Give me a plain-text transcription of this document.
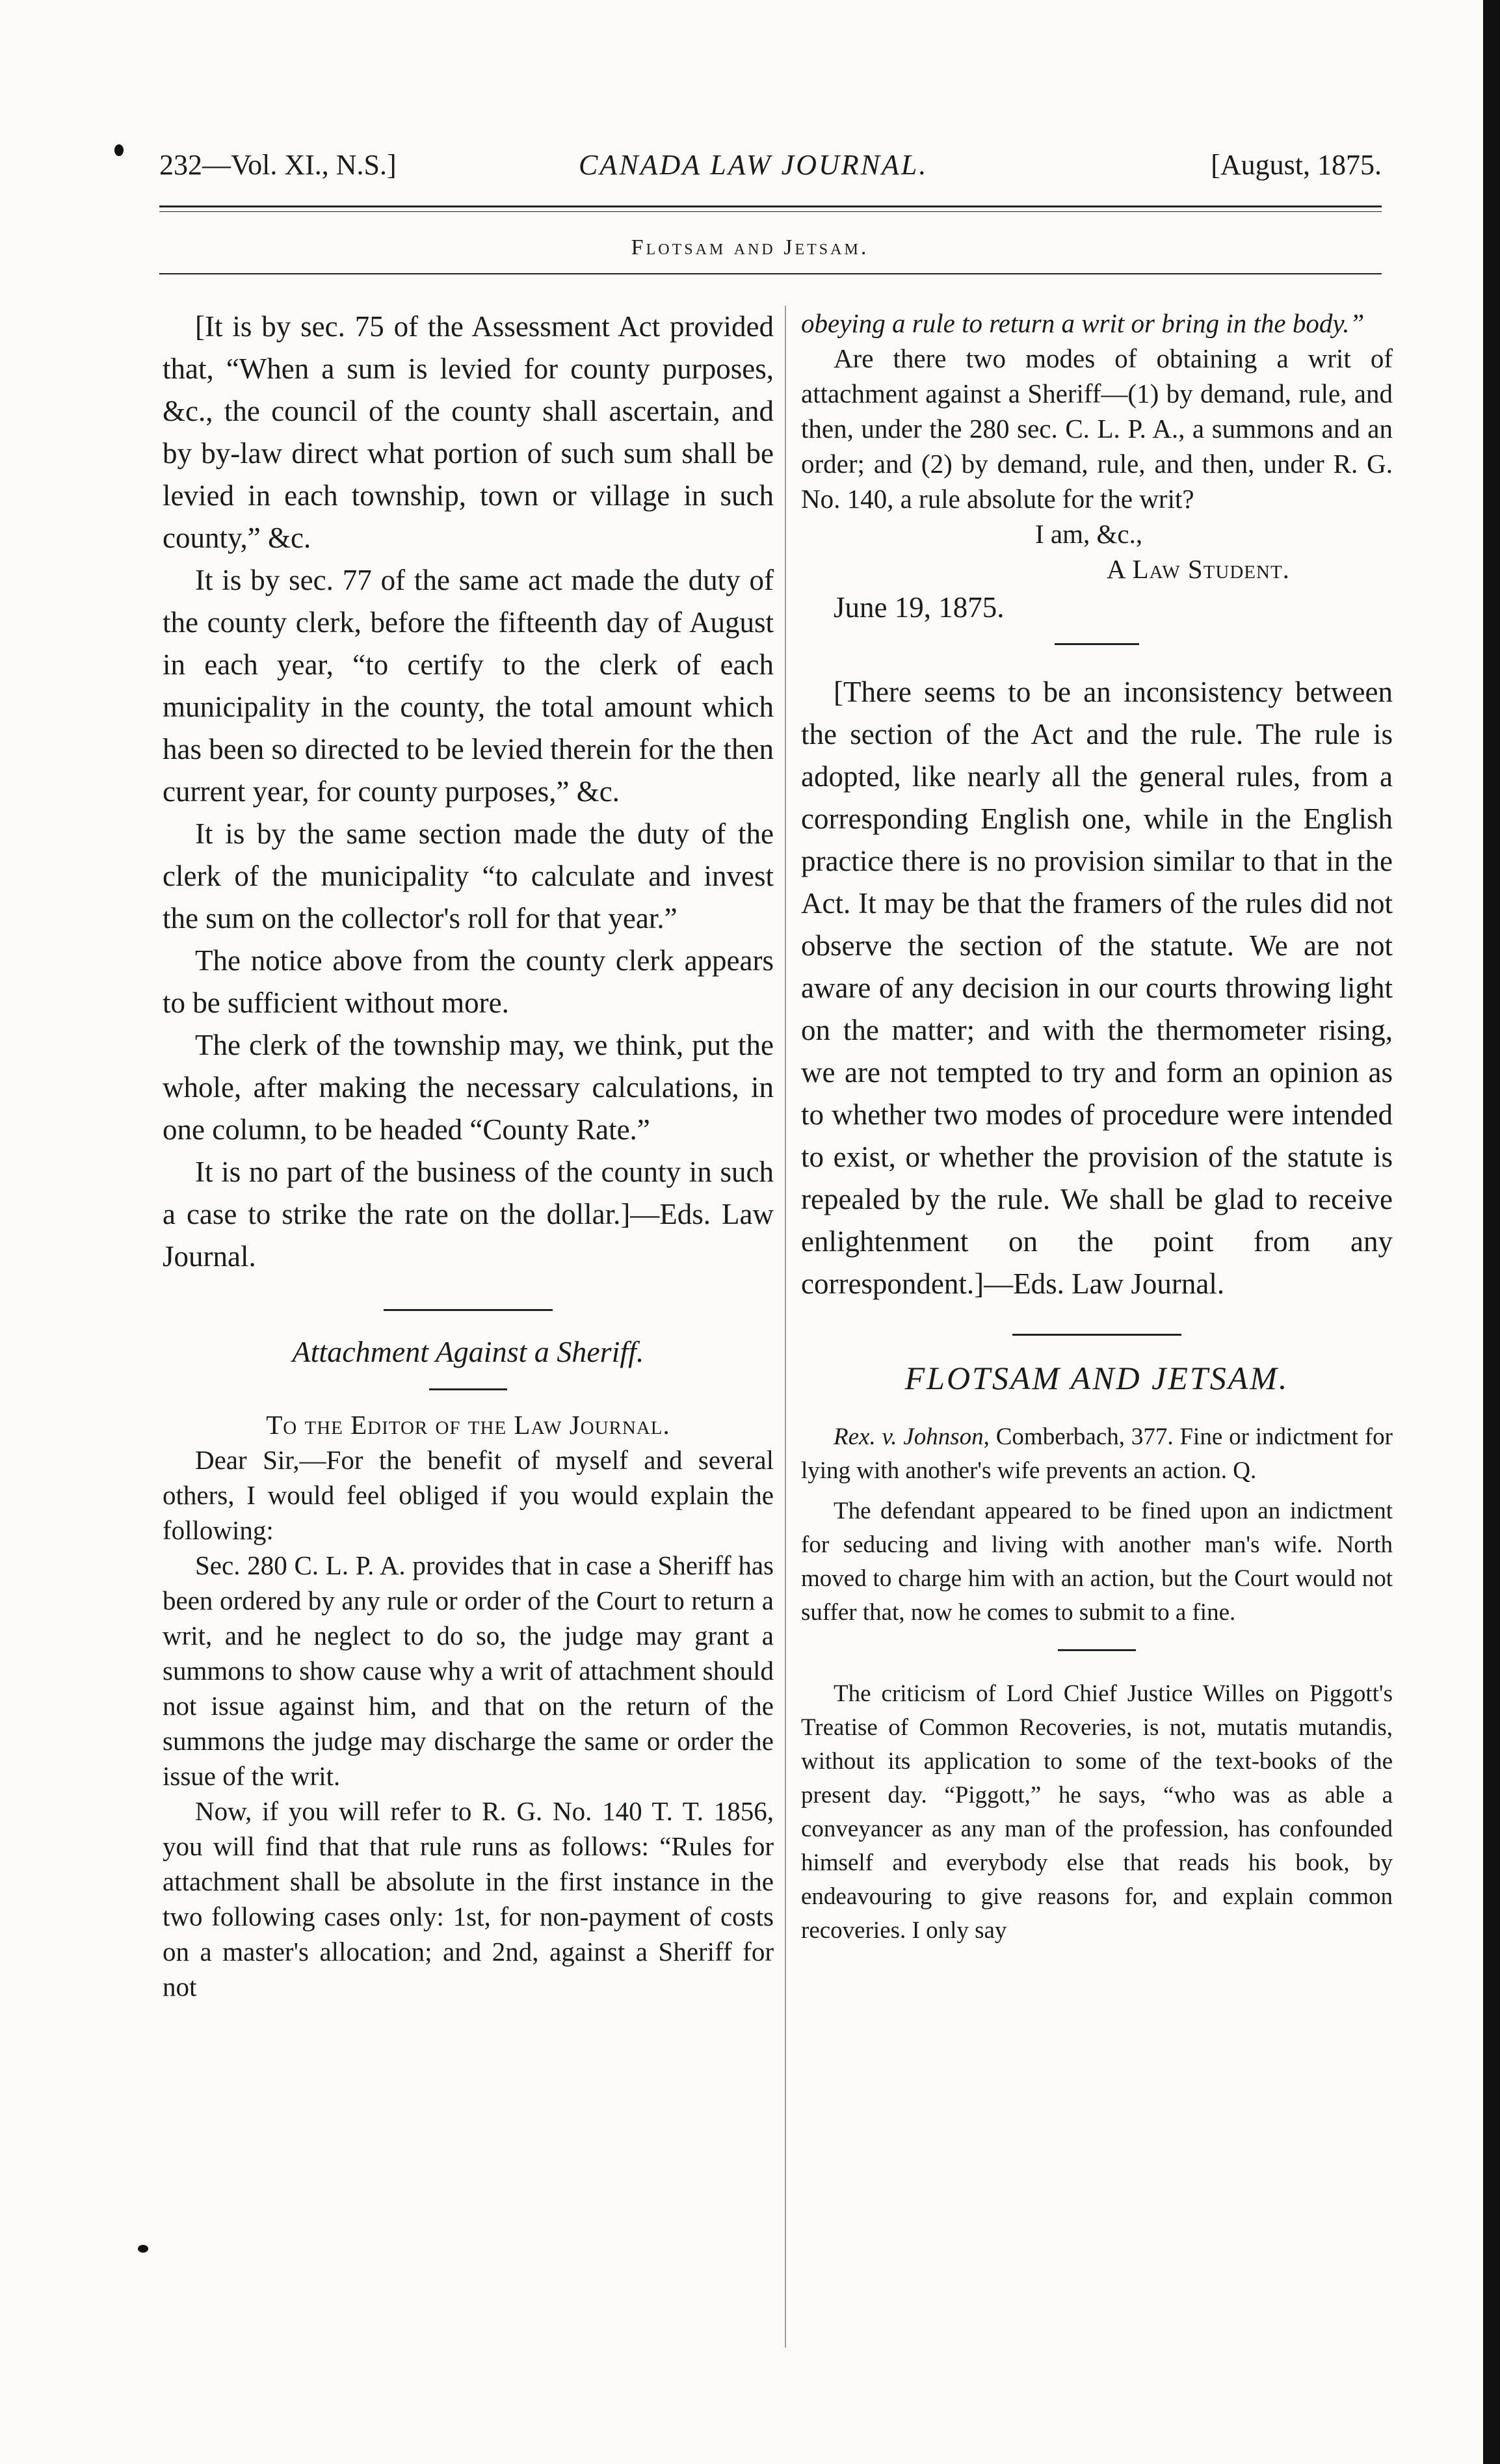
232—Vol. XI., N.S.]	CANADA LAW JOURNAL.	[August, 1875.
Flotsam and Jetsam.

[It is by sec. 75 of the Assessment Act provided that, “When a sum is levied for county purposes, &c., the council of the county shall ascertain, and by by-law direct what portion of such sum shall be levied in each township, town or village in such county,” &c.

It is by sec. 77 of the same act made the duty of the county clerk, before the fifteenth day of August in each year, “to certify to the clerk of each municipality in the county, the total amount which has been so directed to be levied therein for the then current year, for county purposes,” &c.

It is by the same section made the duty of the clerk of the municipality “to calculate and invest the sum on the collector's roll for that year.”

The notice above from the county clerk appears to be sufficient without more.

The clerk of the township may, we think, put the whole, after making the necessary calculations, in one column, to be headed “County Rate.”

It is no part of the business of the county in such a case to strike the rate on the dollar.]—Eds. Law Journal.

Attachment Against a Sheriff.

To the Editor of the Law Journal.

Dear Sir,—For the benefit of myself and several others, I would feel obliged if you would explain the following:

Sec. 280 C. L. P. A. provides that in case a Sheriff has been ordered by any rule or order of the Court to return a writ, and he neglect to do so, the judge may grant a summons to show cause why a writ of attachment should not issue against him, and that on the return of the summons the judge may discharge the same or order the issue of the writ.

Now, if you will refer to R. G. No. 140 T. T. 1856, you will find that that rule runs as follows: “Rules for attachment shall be absolute in the first instance in the two following cases only: 1st, for non-payment of costs on a master's allocation; and 2nd, against a Sheriff for not

obeying a rule to return a writ or bring in the body.”

Are there two modes of obtaining a writ of attachment against a Sheriff—(1) by demand, rule, and then, under the 280 sec. C. L. P. A., a summons and an order; and (2) by demand, rule, and then, under R. G. No. 140, a rule absolute for the writ?

I am, &c.,

A Law Student.

June 19, 1875.

[There seems to be an inconsistency between the section of the Act and the rule. The rule is adopted, like nearly all the general rules, from a corresponding English one, while in the English practice there is no provision similar to that in the Act. It may be that the framers of the rules did not observe the section of the statute. We are not aware of any decision in our courts throwing light on the matter; and with the thermometer rising, we are not tempted to try and form an opinion as to whether two modes of procedure were intended to exist, or whether the provision of the statute is repealed by the rule. We shall be glad to receive enlightenment on the point from any correspondent.]—Eds. Law Journal.

FLOTSAM AND JETSAM.

Rex. v. Johnson, Comberbach, 377. Fine or indictment for lying with another's wife prevents an action. Q.

The defendant appeared to be fined upon an indictment for seducing and living with another man's wife. North moved to charge him with an action, but the Court would not suffer that, now he comes to submit to a fine.

The criticism of Lord Chief Justice Willes on Piggott's Treatise of Common Recoveries, is not, mutatis mutandis, without its application to some of the text-books of the present day. “Piggott,” he says, “who was as able a conveyancer as any man of the profession, has confounded himself and everybody else that reads his book, by endeavouring to give reasons for, and explain common recoveries. I only say
